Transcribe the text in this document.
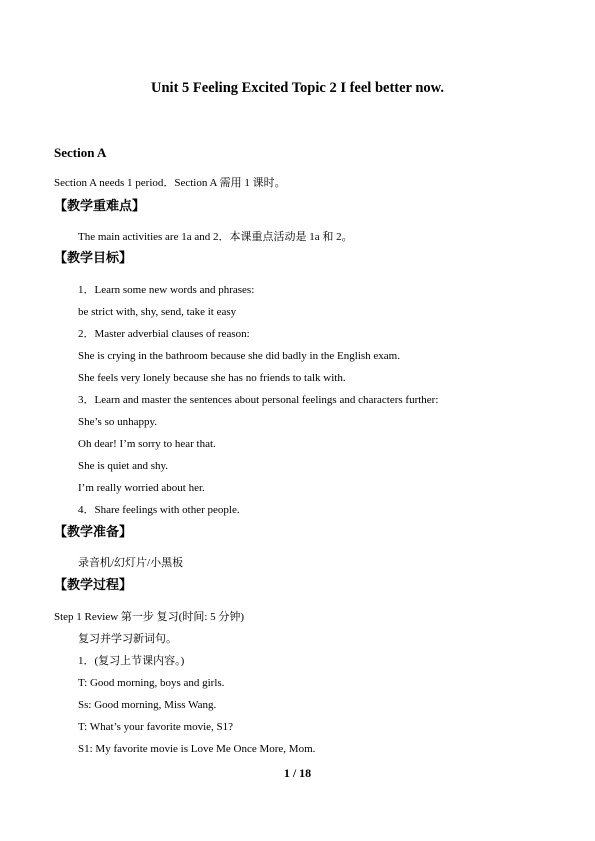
Unit 5 Feeling Excited Topic 2 I feel better now.
Section A
Section A needs 1 period．Section A 需用 1 课时。
【教学重难点】
The main activities are 1a and 2．本课重点活动是 1a 和 2。
【教学目标】
1．Learn some new words and phrases:
be strict with, shy, send, take it easy
2．Master adverbial clauses of reason:
She is crying in the bathroom because she did badly in the English exam.
She feels very lonely because she has no friends to talk with.
3．Learn and master the sentences about personal feelings and characters further:
She’s so unhappy.
Oh dear! I’m sorry to hear that.
She is quiet and shy.
I’m really worried about her.
4．Share feelings with other people.
【教学准备】
录音机/幻灯片/小黑板
【教学过程】
Step 1 Review 第一步 复习(时间: 5 分钟)
复习并学习新词句。
1．(复习上节课内容。)
T: Good morning, boys and girls.
Ss: Good morning, Miss Wang.
T: What’s your favorite movie, S1?
S1: My favorite movie is Love Me Once More, Mom.
1 / 18
